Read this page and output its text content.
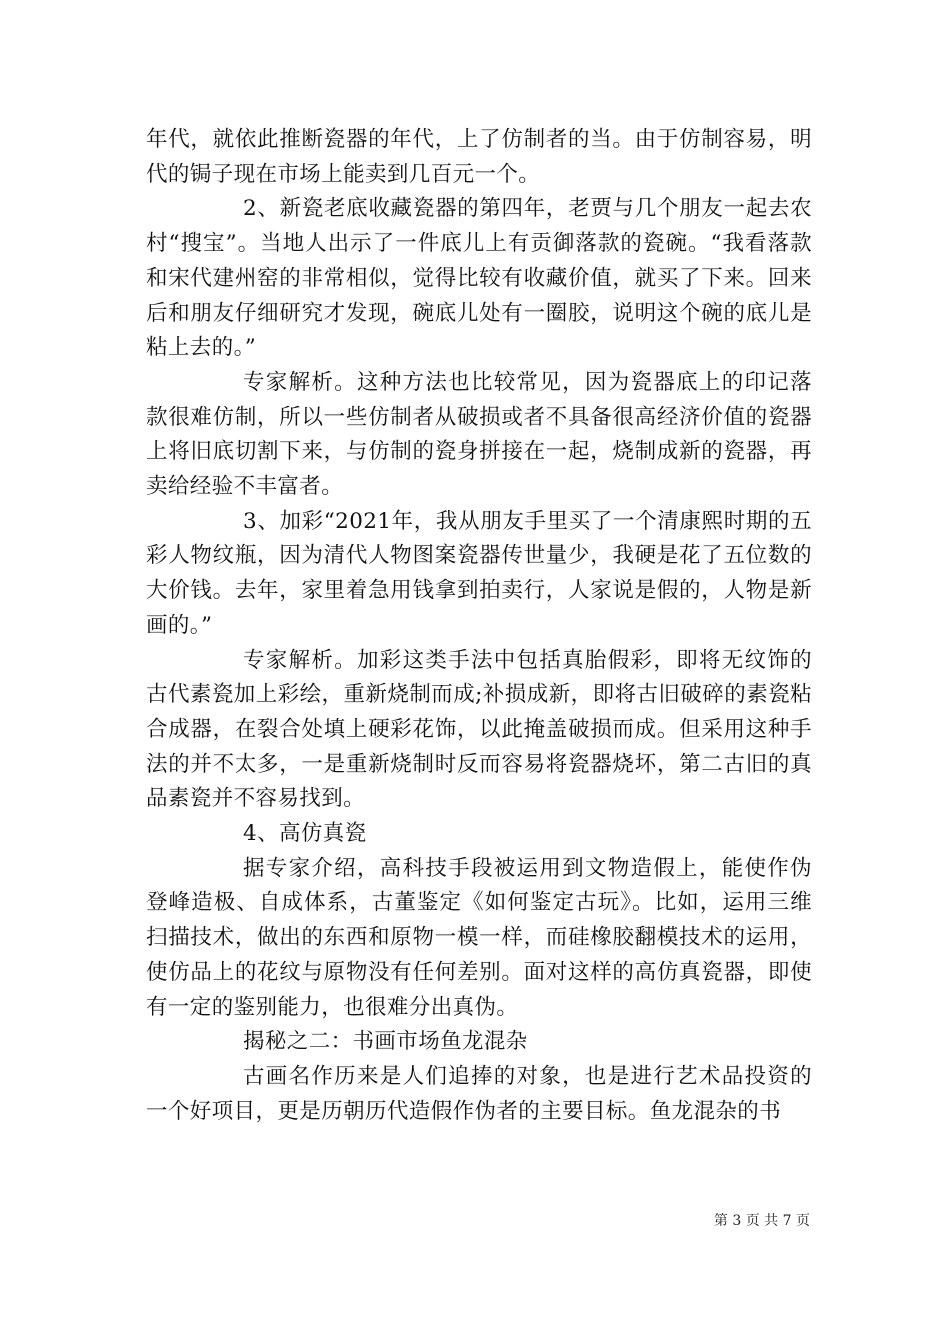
年代，就依此推断瓷器的年代，上了仿制者的当。由于仿制容易，明代的锔子现在市场上能卖到几百元一个。

2、新瓷老底收藏瓷器的第四年，老贾与几个朋友一起去农村“搜宝”。当地人出示了一件底儿上有贡御落款的瓷碗。“我看落款和宋代建州窑的非常相似，觉得比较有收藏价值，就买了下来。回来后和朋友仔细研究才发现，碗底儿处有一圈胶，说明这个碗的底儿是粘上去的。”

专家解析。这种方法也比较常见，因为瓷器底上的印记落款很难仿制，所以一些仿制者从破损或者不具备很高经济价值的瓷器上将旧底切割下来，与仿制的瓷身拼接在一起，烧制成新的瓷器，再卖给经验不丰富者。

3、加彩“2021年，我从朋友手里买了一个清康熙时期的五彩人物纹瓶，因为清代人物图案瓷器传世量少，我硬是花了五位数的大价钱。去年，家里着急用钱拿到拍卖行，人家说是假的，人物是新画的。”

专家解析。加彩这类手法中包括真胎假彩，即将无纹饰的古代素瓷加上彩绘，重新烧制而成;补损成新，即将古旧破碎的素瓷粘合成器，在裂合处填上硬彩花饰，以此掩盖破损而成。但采用这种手法的并不太多，一是重新烧制时反而容易将瓷器烧坏，第二古旧的真品素瓷并不容易找到。

4、高仿真瓷

据专家介绍，高科技手段被运用到文物造假上，能使作伪登峰造极、自成体系，古董鉴定《如何鉴定古玩》。比如，运用三维扫描技术，做出的东西和原物一模一样，而硅橡胶翻模技术的运用，使仿品上的花纹与原物没有任何差别。面对这样的高仿真瓷器，即使有一定的鉴别能力，也很难分出真伪。

揭秘之二：书画市场鱼龙混杂

古画名作历来是人们追捧的对象，也是进行艺术品投资的一个好项目，更是历朝历代造假作伪者的主要目标。鱼龙混杂的书

第 3 页 共 7 页
